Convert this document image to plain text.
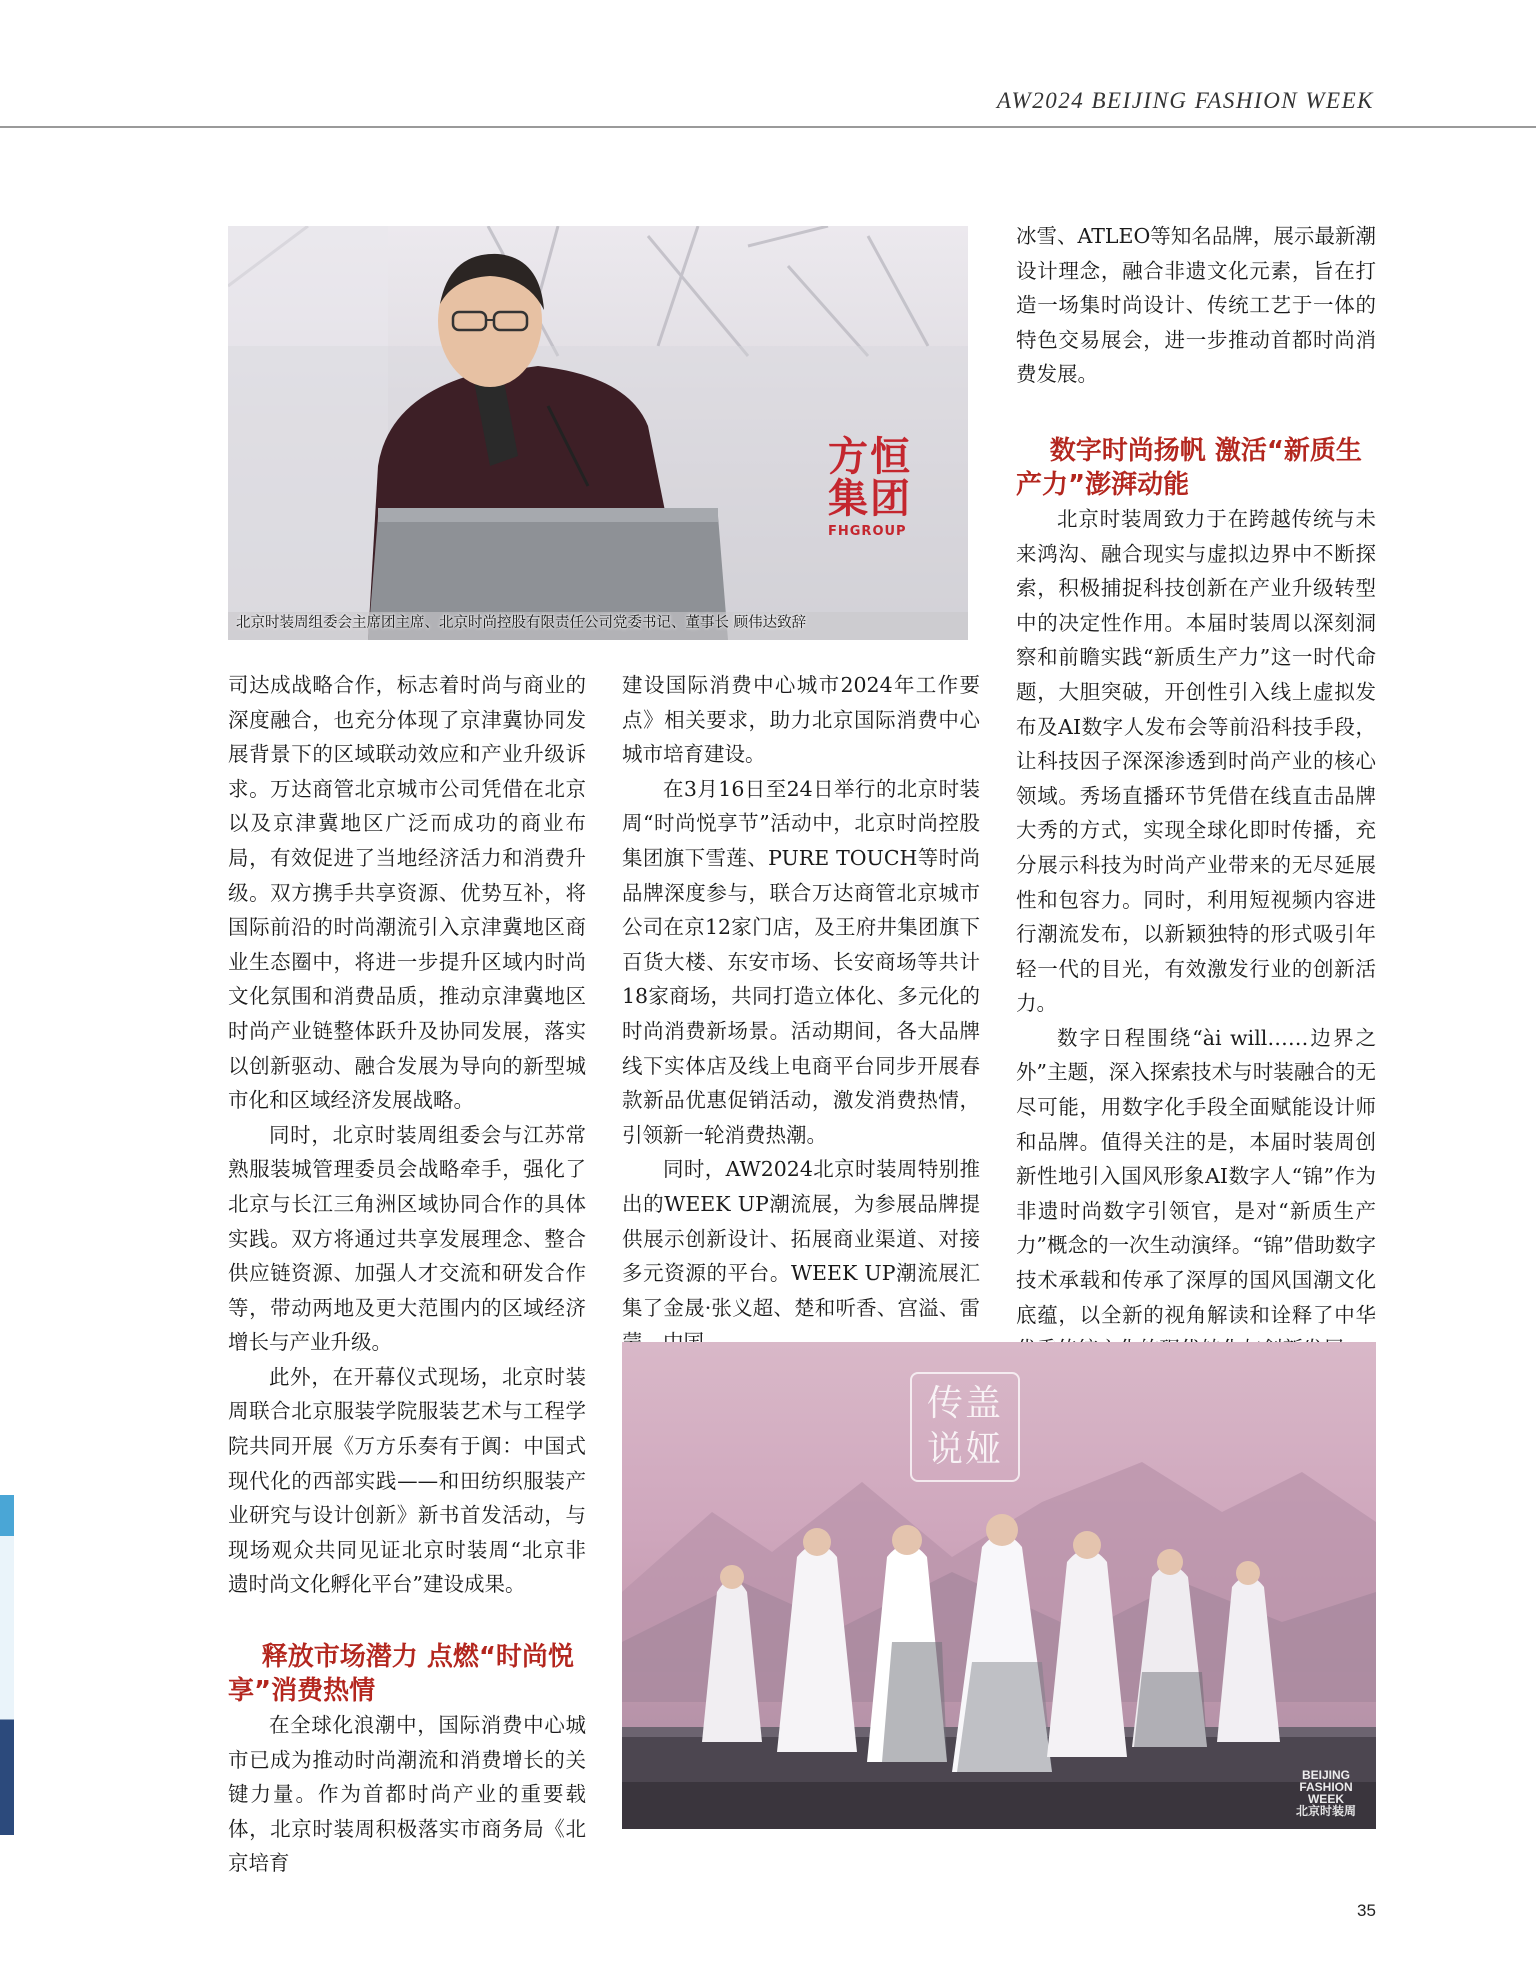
AW2024 BEIJING FASHION WEEK
方恒
集团
FHGROUP
北京时装周组委会主席团主席、北京时尚控股有限责任公司党委书记、董事长 顾伟达致辞

司达成战略合作，标志着时尚与商业的深度融合，也充分体现了京津冀协同发展背景下的区域联动效应和产业升级诉求。万达商管北京城市公司凭借在北京以及京津冀地区广泛而成功的商业布局，有效促进了当地经济活力和消费升级。双方携手共享资源、优势互补，将国际前沿的时尚潮流引入京津冀地区商业生态圈中，将进一步提升区域内时尚文化氛围和消费品质，推动京津冀地区时尚产业链整体跃升及协同发展，落实以创新驱动、融合发展为导向的新型城市化和区域经济发展战略。

同时，北京时装周组委会与江苏常熟服装城管理委员会战略牵手，强化了北京与长江三角洲区域协同合作的具体实践。双方将通过共享发展理念、整合供应链资源、加强人才交流和研发合作等，带动两地及更大范围内的区域经济增长与产业升级。

此外，在开幕仪式现场，北京时装周联合北京服装学院服装艺术与工程学院共同开展《万方乐奏有于阗：中国式现代化的西部实践——和田纺织服装产业研究与设计创新》新书首发活动，与现场观众共同见证北京时装周“北京非遗时尚文化孵化平台”建设成果。

释放市场潜力 点燃“时尚悦享”消费热情

在全球化浪潮中，国际消费中心城市已成为推动时尚潮流和消费增长的关键力量。作为首都时尚产业的重要载体，北京时装周积极落实市商务局《北京培育

建设国际消费中心城市2024年工作要点》相关要求，助力北京国际消费中心城市培育建设。

在3月16日至24日举行的北京时装周“时尚悦享节”活动中，北京时尚控股集团旗下雪莲、PURE TOUCH等时尚品牌深度参与，联合万达商管北京城市公司在京12家门店，及王府井集团旗下百货大楼、东安市场、长安商场等共计18家商场，共同打造立体化、多元化的时尚消费新场景。活动期间，各大品牌线下实体店及线上电商平台同步开展春款新品优惠促销活动，激发消费热情，引领新一轮消费热潮。

同时，AW2024北京时装周特别推出的WEEK UP潮流展，为参展品牌提供展示创新设计、拓展商业渠道、对接多元资源的平台。WEEK UP潮流展汇集了金晟·张义超、楚和听香、宫溢、雷

冰雪、ATLEO等知名品牌，展示最新潮设计理念，融合非遗文化元素，旨在打造一场集时尚设计、传统工艺于一体的特色交易展会，进一步推动首都时尚消费发展。

数字时尚扬帆 激活“新质生产力”澎湃动能

北京时装周致力于在跨越传统与未来鸿沟、融合现实与虚拟边界中不断探索，积极捕捉科技创新在产业升级转型中的决定性作用。本届时装周以深刻洞察和前瞻实践“新质生产力”这一时代命题，大胆突破，开创性引入线上虚拟发布及AI数字人发布会等前沿科技手段，让科技因子深深渗透到时尚产业的核心领域。秀场直播环节凭借在线直击品牌大秀的方式，实现全球化即时传播，充分展示科技为时尚产业带来的无尽延展性和包容力。同时，利用短视频内容进行潮流发布，以新颖独特的形式吸引年轻一代的目光，有效激发行业的创新活力。

数字日程围绕“ài will……边界之外”主题，深入探索技术与时装融合的无尽可能，用数字化手段全面赋能设计师和品牌。值得关注的是，本届时装周创新性地引入国风形象AI数字人“锦”作为非遗时尚数字引领官，是对“新质生产力”概念的一次生动演绎。“锦”借助数字技术承载和传承了深厚的国风国潮文化底蕴，以全新的视角解读和诠释了中华

传盖说娅
BEIJING
FASHION
WEEK
北京时装周
35
